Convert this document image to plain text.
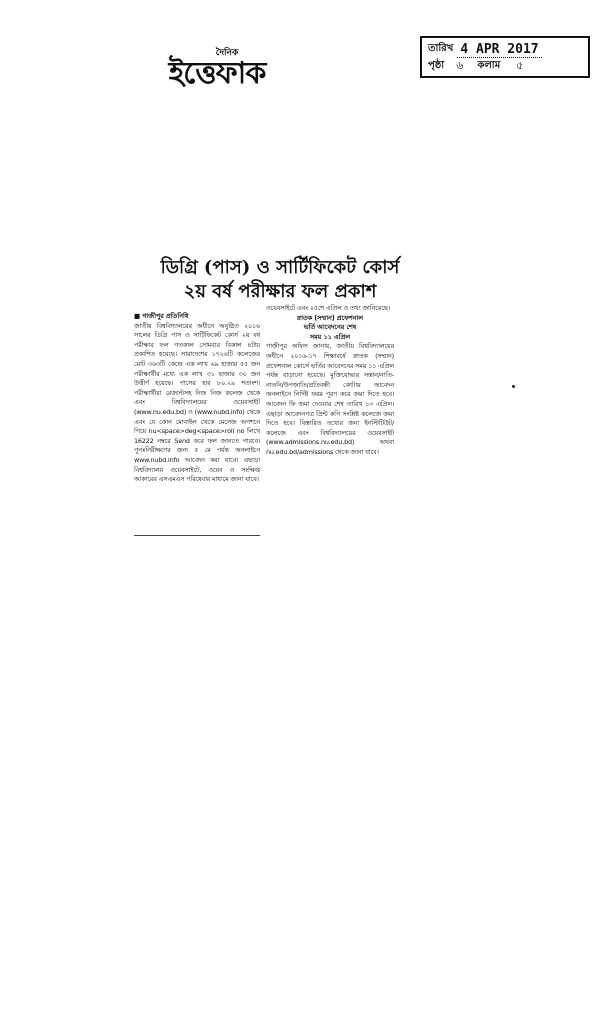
দৈনিক
ইত্তেফাক
তারিখ 4 APR 2017
পৃষ্ঠা	৬	কলাম	৫
ডিগ্রি (পাস) ও সার্টিফিকেট কোর্স
২য় বর্ষ পরীক্ষার ফল প্রকাশ
■ গাজীপুর প্রতিনিধি

জাতীয় বিশ্ববিদ্যালয়ের অধীনে অনুষ্ঠিত ২০১৬ সালের ডিগ্রি পাস ও সার্টিফিকেট কোর্স ২য় বর্ষ পরীক্ষার ফল গতকাল সোমবার বিকাল ৪টায় প্রকাশিত হয়েছে। সারাদেশের ১৭২৬টি কলেজের মোট ৩৬৩টি কেন্দ্রে এক লাখ ৬৯ হাজার ৫৫ জন পরীক্ষার্থীর মধ্যে এক লাখ ৩১ হাজার ৩০ জন উত্তীর্ণ হয়েছে। পাসের হার ৮০.২৯ শতাংশ। পরীক্ষার্থীরা রেজাল্টসহ নিজ নিজ কলেজ থেকে এবং বিশ্ববিদ্যালয়ের ওয়েবসাইট (www.nu.edu.bd) ও (www.nubd.info) থেকে এবং যে কোন মোবাইল থেকে মেসেজ অপশনে গিয়ে nu<space>deg<space>roll no লিখে 16222 নম্বরে Send করে ফল জানতে পারবে। পুনঃনিরীক্ষণের জন্য ৫ মে পর্যন্ত অনলাইনে www.nubd.info আবেদন করা যাবে। এছাড়া বিশ্ববিদ্যালয় ওয়েবসাইটে, ওয়েব ও সংক্ষিপ্ত আকারের এসএমএস পরিষেবার মাধ্যমে জানা যাবে।

ওয়েবসাইটে এবং ২৫শে এপ্রিল ও তথ্য জানিয়েছে।

স্নাতক (সম্মান) প্রফেশনাল
ভর্তি আবেদনের শেষ
সময় ১১ এপ্রিল

গাজীপুর অফিস জানায়, জাতীয় বিশ্ববিদ্যালয়ের অধীনে ২০১৬-১৭ শিক্ষাবর্ষে স্নাতক (সম্মান) প্রফেশনাল কোর্সে ভর্তির আবেদনের সময় ১১ এপ্রিল পর্যন্ত বাড়ানো হয়েছে। মুক্তিযোদ্ধার সন্তান/নাতি-নাতনি/উপজাতি/প্রতিবন্ধী কোটায় আবেদন অনলাইনে নির্দিষ্ট ফরম পূরণ করে জমা দিতে হবে। আবেদন ফি জমা দেওয়ার শেষ তারিখ ১৩ এপ্রিল। এছাড়া আবেদনপত্র প্রিন্ট কপি সংশ্লিষ্ট কলেজে জমা দিতে হবে। বিস্তারিত তথ্যের জন্য ইনস্টিটিউট/কলেজে এবং বিশ্ববিদ্যালয়ের ওয়েবসাইট (www.admissions.nu.edu.bd) অথবা nu.edu.bd/admissions থেকে জানা যাবে।
